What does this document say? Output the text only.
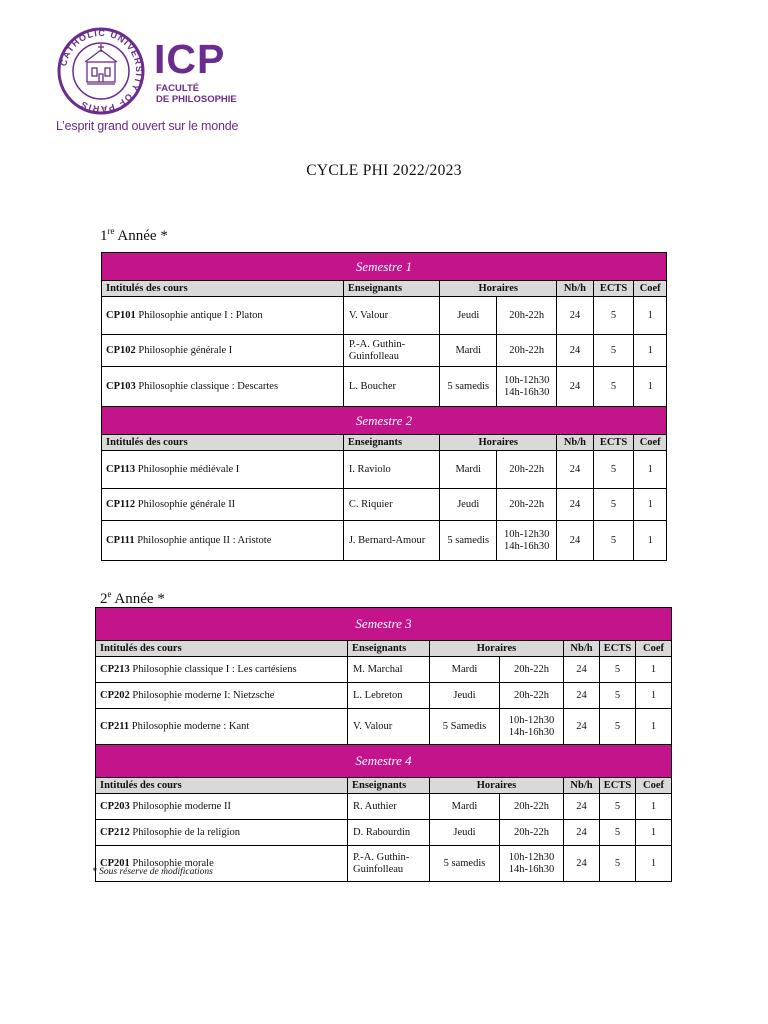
CATHOLIC UNIVERSITY OF PARIS
ICP
FACULTÉ
DE PHILOSOPHIE
L’esprit grand ouvert sur le monde
CYCLE PHI 2022/2023
1re Année *
2e Année *
Semestre 1						
Intitulés des cours	Enseignants	Horaires		Nb/h	ECTS	Coef
CP101 Philosophie antique I : Platon	V. Valour	Jeudi	20h-22h	24	5	1
CP102 Philosophie générale I	P.-A. Guthin-Guinfolleau	Mardi	20h-22h	24	5	1
CP103 Philosophie classique : Descartes	L. Boucher	5 samedis	10h-12h30 14h-16h30	24	5	1
Semestre 2						
Intitulés des cours	Enseignants	Horaires		Nb/h	ECTS	Coef
CP113 Philosophie médiévale I	I. Raviolo	Mardi	20h-22h	24	5	1
CP112 Philosophie générale II	C. Riquier	Jeudi	20h-22h	24	5	1
CP111 Philosophie antique II : Aristote	J. Bernard-Amour	5 samedis	10h-12h30 14h-16h30	24	5	1
Semestre 3						
Intitulés des cours	Enseignants	Horaires		Nb/h	ECTS	Coef
CP213 Philosophie classique I : Les cartésiens	M. Marchal	Mardi	20h-22h	24	5	1
CP202 Philosophie moderne I: Nietzsche	L. Lebreton	Jeudi	20h-22h	24	5	1
CP211 Philosophie moderne : Kant	V. Valour	5 Samedis	10h-12h30 14h-16h30	24	5	1
Semestre 4						
Intitulés des cours	Enseignants	Horaires		Nb/h	ECTS	Coef
CP203 Philosophie moderne II	R. Authier	Mardi	20h-22h	24	5	1
CP212 Philosophie de la religion	D. Rabourdin	Jeudi	20h-22h	24	5	1
CP201 Philosophie morale	P.-A. Guthin-Guinfolleau	5 samedis	10h-12h30 14h-16h30	24	5	1
* Sous réserve de modifications
